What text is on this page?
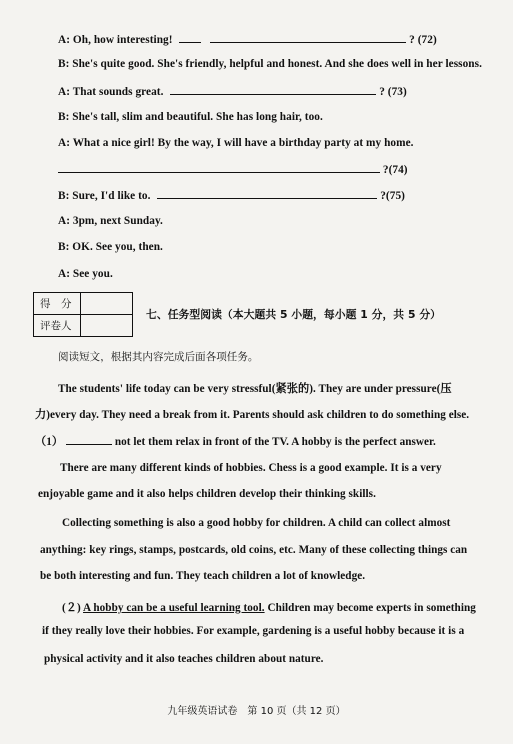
A: Oh, how interesting!	? (72)
B: She's quite good. She's friendly, helpful and honest. And she does well in her lessons.
A: That sounds great.	? (73)
B: She's tall, slim and beautiful. She has long hair, too.
A: What a nice girl! By the way, I will have a birthday party at my home.
?(74)
B: Sure, I'd like to.	?(75)
A: 3pm, next Sunday.
B: OK. See you, then.
A: See you.
得　分	
评卷人	
七、任务型阅读（本大题共 5 小题，每小题 1 分，共 5 分）
阅读短文，根据其内容完成后面各项任务。
The students' life today can be very stressful(紧张的). They are under pressure(压
力)every day. They need a break from it. Parents should ask children to do something else.
（1）	not let them relax in front of the TV. A hobby is the perfect answer.
There are many different kinds of hobbies. Chess is a good example. It is a very
enjoyable game and it also helps children develop their thinking skills.
Collecting something is also a good hobby for children. A child can collect almost
anything: key rings, stamps, postcards, old coins, etc. Many of these collecting things can
be both interesting and fun. They teach children a lot of knowledge.
(２) A hobby can be a useful learning tool. Children may become experts in something
if they really love their hobbies. For example, gardening is a useful hobby because it is a
physical activity and it also teaches children about nature.
九年级英语试卷　第 10 页（共 12 页）
